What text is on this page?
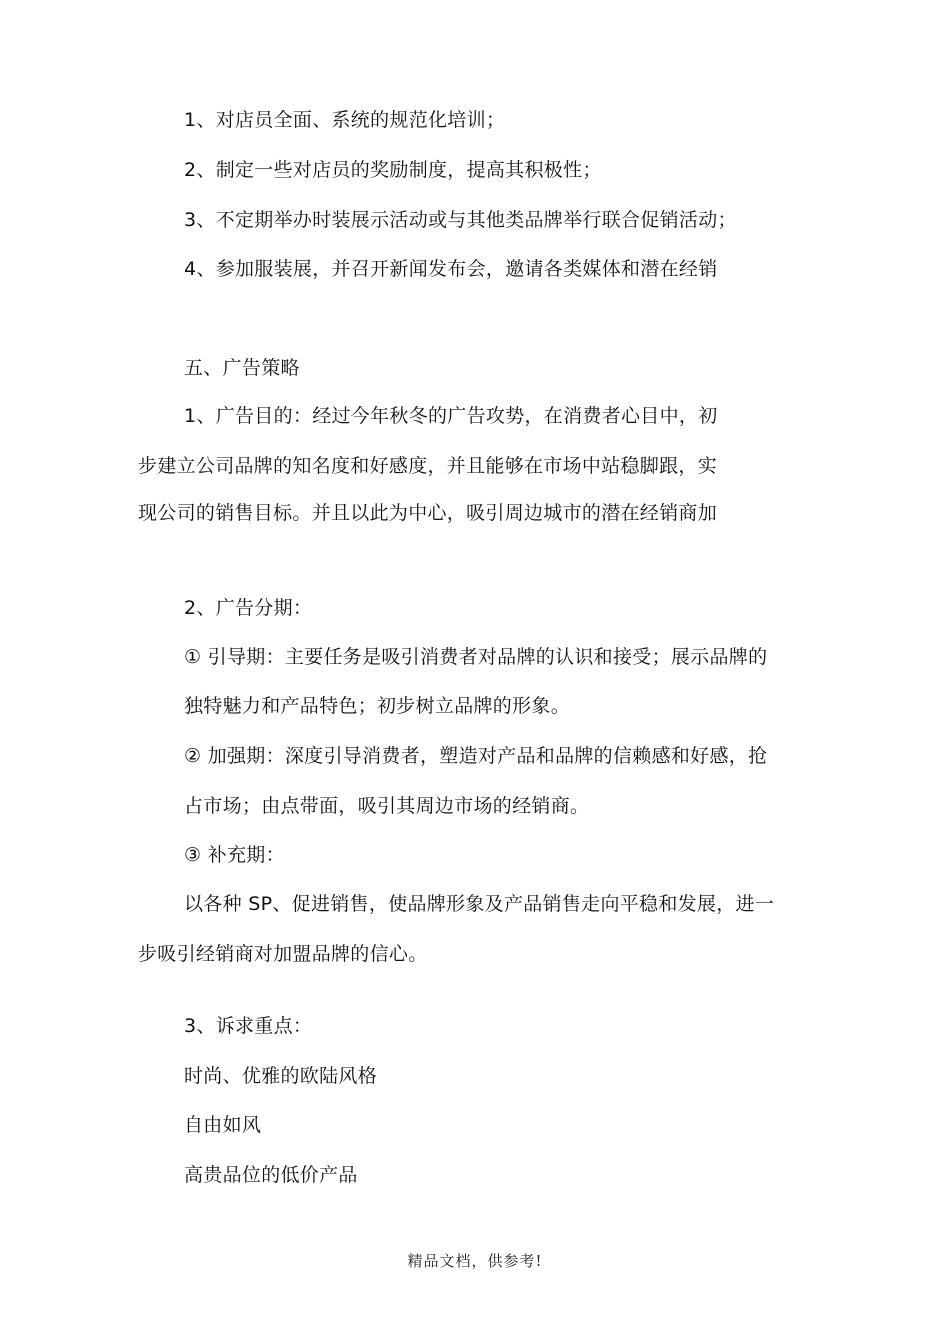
1、对店员全面、系统的规范化培训；
2、制定一些对店员的奖励制度，提高其积极性；
3、不定期举办时装展示活动或与其他类品牌举行联合促销活动；
4、参加服装展，并召开新闻发布会，邀请各类媒体和潜在经销
五、广告策略
1、广告目的：经过今年秋冬的广告攻势，在消费者心目中，初
步建立公司品牌的知名度和好感度，并且能够在市场中站稳脚跟，实
现公司的销售目标。并且以此为中心，吸引周边城市的潜在经销商加
2、广告分期：
① 引导期：主要任务是吸引消费者对品牌的认识和接受；展示品牌的
独特魅力和产品特色；初步树立品牌的形象。
② 加强期：深度引导消费者，塑造对产品和品牌的信赖感和好感，抢
占市场；由点带面，吸引其周边市场的经销商。
③ 补充期：
以各种 SP、促进销售，使品牌形象及产品销售走向平稳和发展，进一
步吸引经销商对加盟品牌的信心。
3、诉求重点：
时尚、优雅的欧陆风格
自由如风
高贵品位的低价产品
精品文档，供参考!
